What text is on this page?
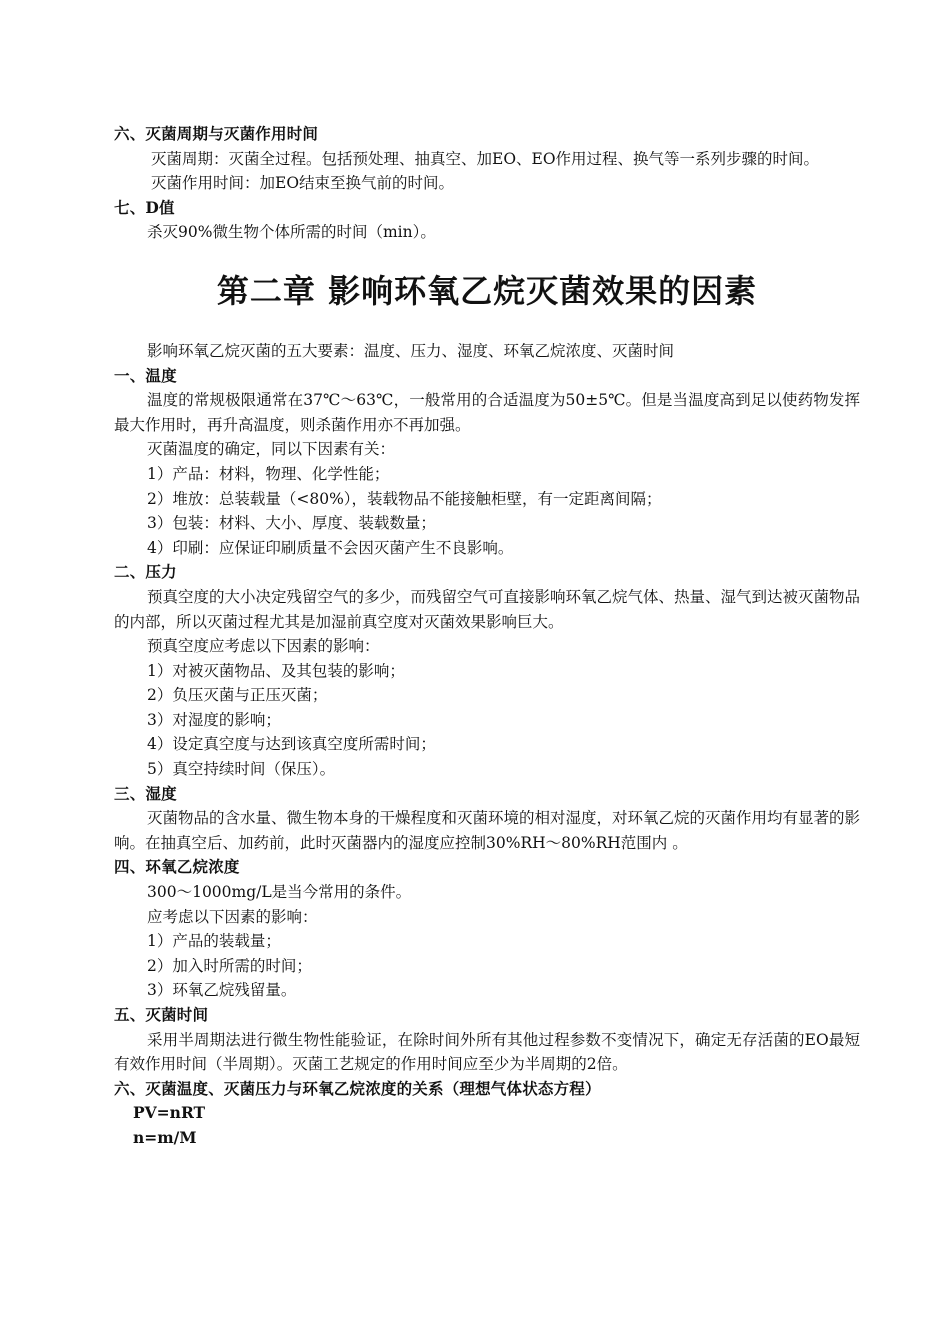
六、灭菌周期与灭菌作用时间
灭菌周期：灭菌全过程。包括预处理、抽真空、加EO、EO作用过程、换气等一系列步骤的时间。
灭菌作用时间：加EO结束至换气前的时间。
七、D值
杀灭90%微生物个体所需的时间（min）。
第二章 影响环氧乙烷灭菌效果的因素
影响环氧乙烷灭菌的五大要素：温度、压力、湿度、环氧乙烷浓度、灭菌时间
一、温度
温度的常规极限通常在37℃～63℃，一般常用的合适温度为50±5℃。但是当温度高到足以使药物发挥最大作用时，再升高温度，则杀菌作用亦不再加强。
灭菌温度的确定，同以下因素有关：
1）产品：材料，物理、化学性能；
2）堆放：总装载量（<80%），装载物品不能接触柜壁，有一定距离间隔；
3）包装：材料、大小、厚度、装载数量；
4）印刷：应保证印刷质量不会因灭菌产生不良影响。
二、压力
预真空度的大小决定残留空气的多少，而残留空气可直接影响环氧乙烷气体、热量、湿气到达被灭菌物品的内部，所以灭菌过程尤其是加湿前真空度对灭菌效果影响巨大。
预真空度应考虑以下因素的影响：
1）对被灭菌物品、及其包装的影响；
2）负压灭菌与正压灭菌；
3）对湿度的影响；
4）设定真空度与达到该真空度所需时间；
5）真空持续时间（保压）。
三、湿度
灭菌物品的含水量、微生物本身的干燥程度和灭菌环境的相对湿度，对环氧乙烷的灭菌作用均有显著的影响。在抽真空后、加药前，此时灭菌器内的湿度应控制30%RH～80%RH范围内 。
四、环氧乙烷浓度
300～1000mg/L是当今常用的条件。
应考虑以下因素的影响：
1）产品的装载量；
2）加入时所需的时间；
3）环氧乙烷残留量。
五、灭菌时间
采用半周期法进行微生物性能验证，在除时间外所有其他过程参数不变情况下，确定无存活菌的EO最短有效作用时间（半周期）。灭菌工艺规定的作用时间应至少为半周期的2倍。
六、灭菌温度、灭菌压力与环氧乙烷浓度的关系（理想气体状态方程）
PV=nRT
n=m/M
